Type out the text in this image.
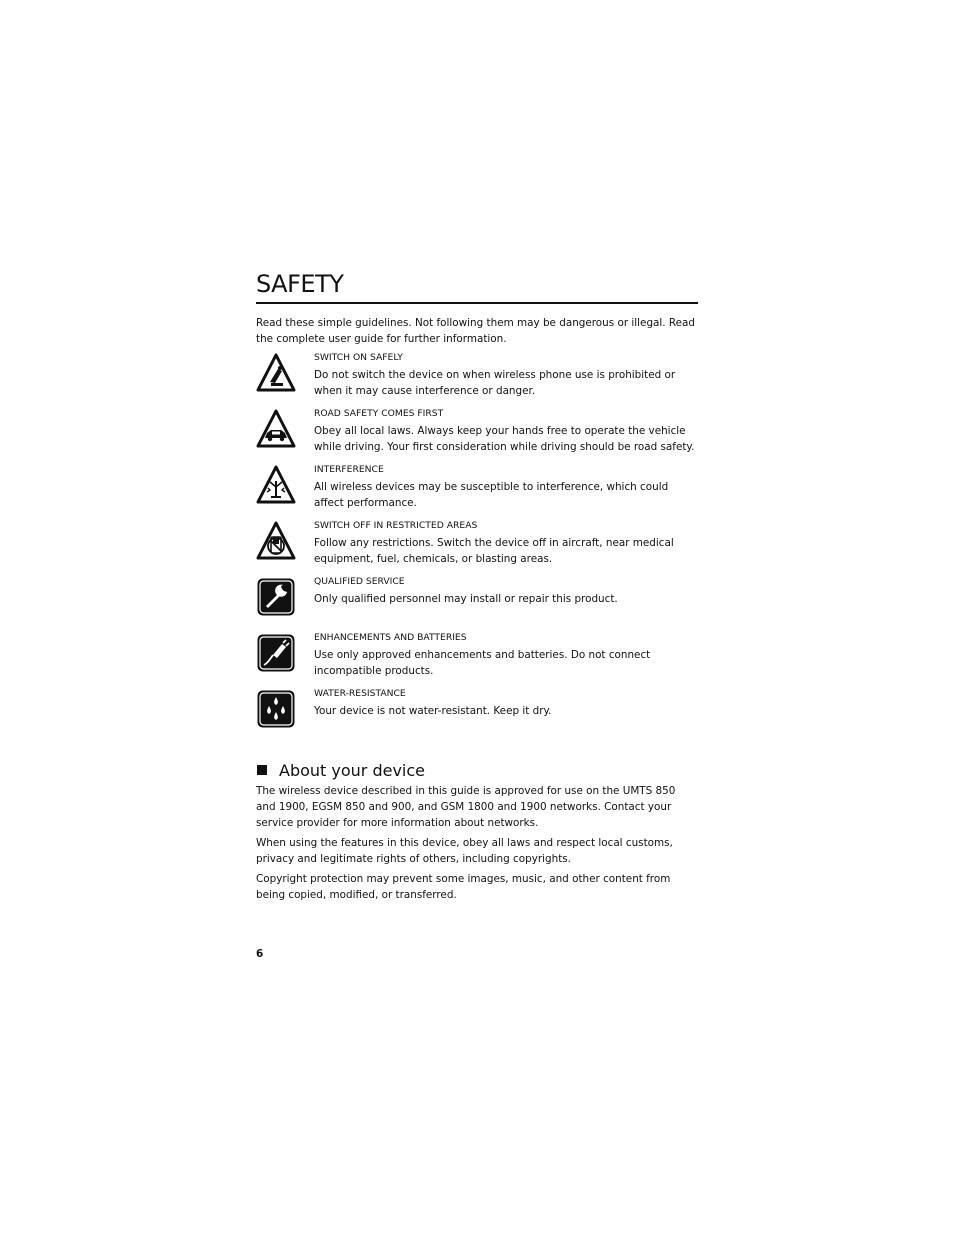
SAFETY

Read these simple guidelines. Not following them may be dangerous or illegal. Read the complete user guide for further information.

SWITCH ON SAFELY

Do not switch the device on when wireless phone use is prohibited or when it may cause interference or danger.

ROAD SAFETY COMES FIRST

Obey all local laws. Always keep your hands free to operate the vehicle while driving. Your first consideration while driving should be road safety.

INTERFERENCE

All wireless devices may be susceptible to interference, which could affect performance.

SWITCH OFF IN RESTRICTED AREAS

Follow any restrictions. Switch the device off in aircraft, near medical equipment, fuel, chemicals, or blasting areas.

QUALIFIED SERVICE

Only qualified personnel may install or repair this product.

ENHANCEMENTS AND BATTERIES

Use only approved enhancements and batteries. Do not connect incompatible products.

WATER-RESISTANCE

Your device is not water-resistant. Keep it dry.

About your device

The wireless device described in this guide is approved for use on the UMTS 850 and 1900, EGSM 850 and 900, and GSM 1800 and 1900 networks. Contact your service provider for more information about networks.

When using the features in this device, obey all laws and respect local customs, privacy and legitimate rights of others, including copyrights.

Copyright protection may prevent some images, music, and other content from being copied, modified, or transferred.

6
